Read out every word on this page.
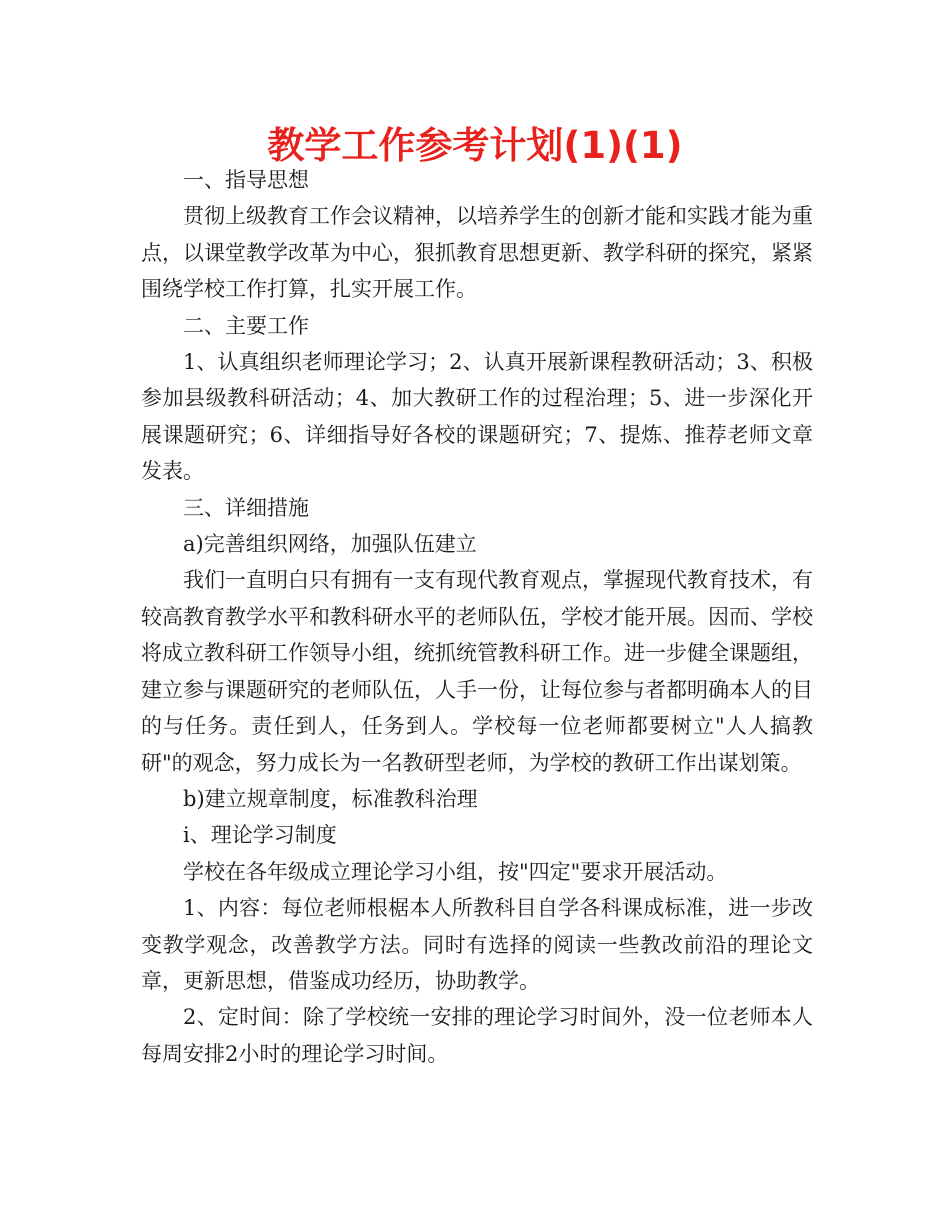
教学工作参考计划(1)(1)

一、指导思想

贯彻上级教育工作会议精神，以培养学生的创新才能和实践才能为重点，以课堂教学改革为中心，狠抓教育思想更新、教学科研的探究，紧紧围绕学校工作打算，扎实开展工作。

二、主要工作

1、认真组织老师理论学习；2、认真开展新课程教研活动；3、积极参加县级教科研活动；4、加大教研工作的过程治理；5、进一步深化开展课题研究；6、详细指导好各校的课题研究；7、提炼、推荐老师文章发表。

三、详细措施

a)完善组织网络，加强队伍建立

我们一直明白只有拥有一支有现代教育观点，掌握现代教育技术，有较高教育教学水平和教科研水平的老师队伍，学校才能开展。因而、学校将成立教科研工作领导小组，统抓统管教科研工作。进一步健全课题组，建立参与课题研究的老师队伍，人手一份，让每位参与者都明确本人的目的与任务。责任到人，任务到人。学校每一位老师都要树立"人人搞教研"的观念，努力成长为一名教研型老师，为学校的教研工作出谋划策。

b)建立规章制度，标准教科治理

i、理论学习制度

学校在各年级成立理论学习小组，按"四定"要求开展活动。

1、内容：每位老师根椐本人所教科目自学各科课成标准，进一步改变教学观念，改善教学方法。同时有选择的阅读一些教改前沿的理论文章，更新思想，借鉴成功经历，协助教学。

2、定时间：除了学校统一安排的理论学习时间外，没一位老师本人每周安排2小时的理论学习时间。
